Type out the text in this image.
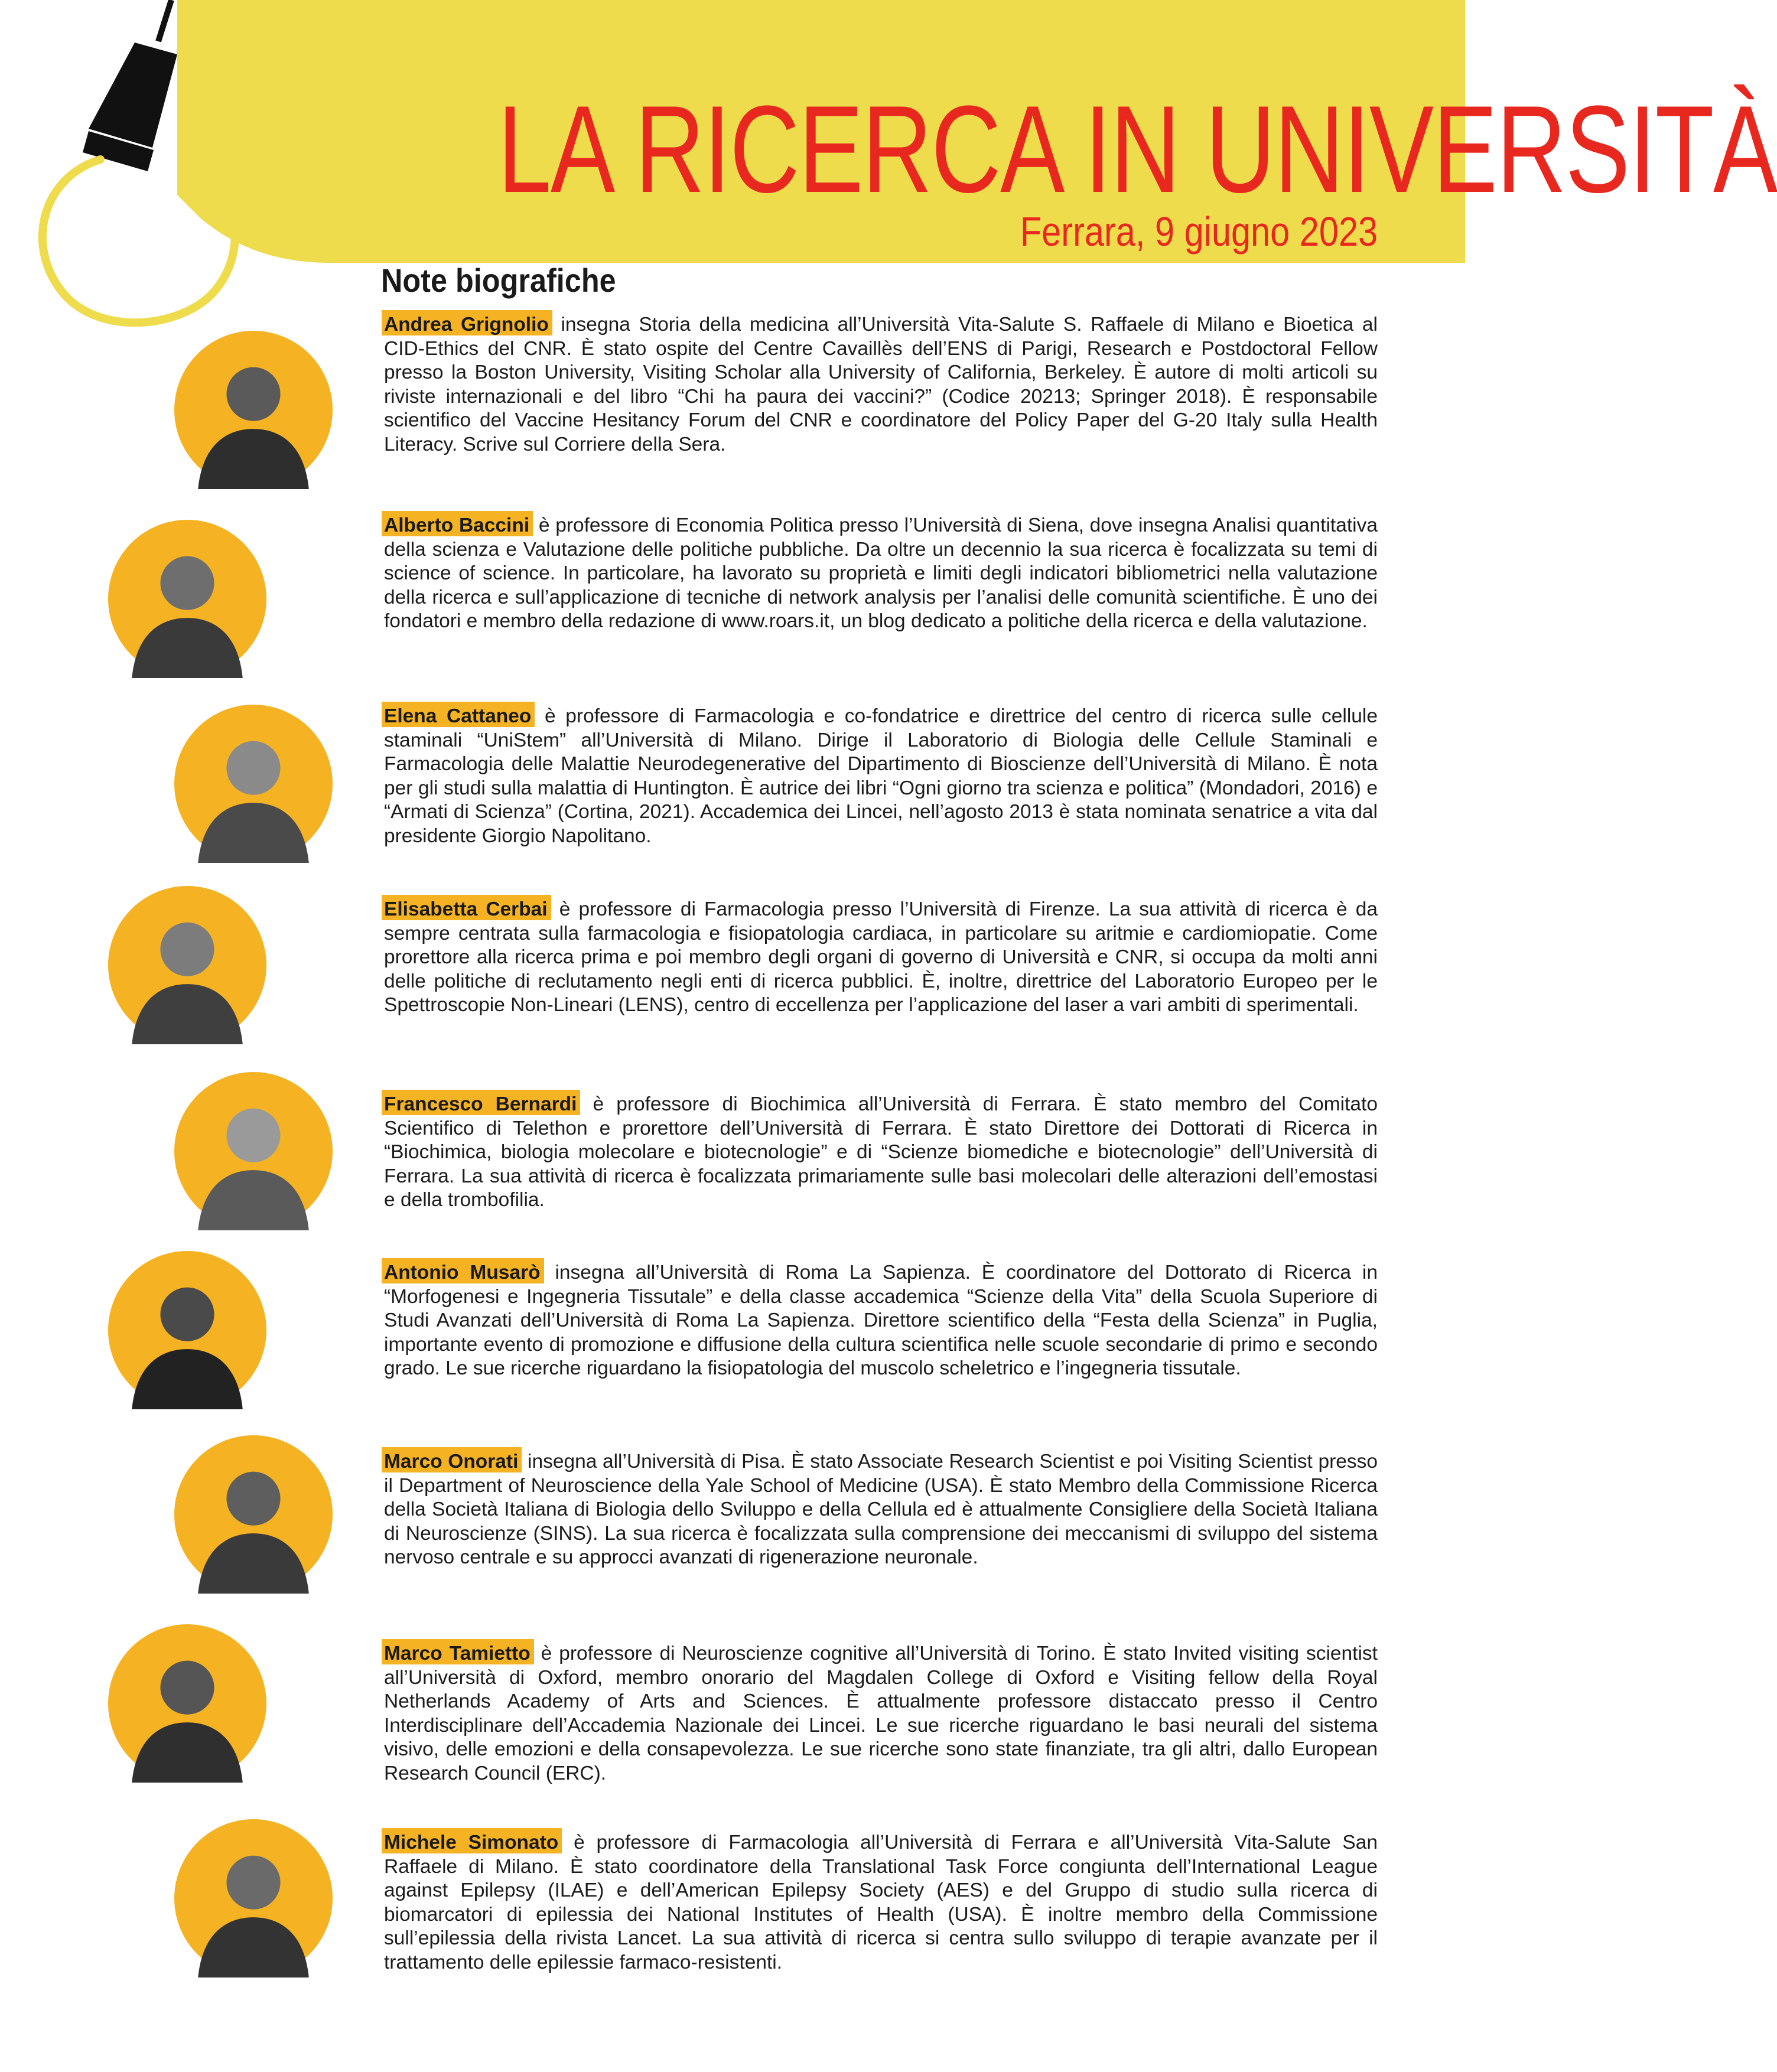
LA RICERCA IN UNIVERSITÀ
Ferrara, 9 giugno 2023
Note biografiche
Andrea Grignolio insegna Storia della medicina all’Università Vita-Salute S. Raffaele di Milano e Bioetica al CID-Ethics del CNR. È stato ospite del Centre Cavaillès dell’ENS di Parigi, Research e Postdoctoral Fellow presso la Boston University, Visiting Scholar alla University of California, Berkeley. È autore di molti articoli su riviste internazionali e del libro “Chi ha paura dei vaccini?” (Codice 20213; Springer 2018). È responsabile scientifico del Vaccine Hesitancy Forum del CNR e coordinatore del Policy Paper del G-20 Italy sulla Health Literacy. Scrive sul Corriere della Sera.
Alberto Baccini è professore di Economia Politica presso l’Università di Siena, dove insegna Analisi quantitativa della scienza e Valutazione delle politiche pubbliche. Da oltre un decennio la sua ricerca è focalizzata su temi di science of science. In particolare, ha lavorato su proprietà e limiti degli indicatori bibliometrici nella valutazione della ricerca e sull’applicazione di tecniche di network analysis per l’analisi delle comunità scientifiche. È uno dei fondatori e membro della redazione di www.roars.it, un blog dedicato a politiche della ricerca e della valutazione.
Elena Cattaneo è professore di Farmacologia e co-fondatrice e direttrice del centro di ricerca sulle cellule staminali “UniStem” all’Università di Milano. Dirige il Laboratorio di Biologia delle Cellule Staminali e Farmacologia delle Malattie Neurodegenerative del Dipartimento di Bioscienze dell’Università di Milano. È nota per gli studi sulla malattia di Huntington. È autrice dei libri “Ogni giorno tra scienza e politica” (Mondadori, 2016) e “Armati di Scienza” (Cortina, 2021). Accademica dei Lincei, nell’agosto 2013 è stata nominata senatrice a vita dal presidente Giorgio Napolitano.
Elisabetta Cerbai è professore di Farmacologia presso l’Università di Firenze. La sua attività di ricerca è da sempre centrata sulla farmacologia e fisiopatologia cardiaca, in particolare su aritmie e cardiomiopatie. Come prorettore alla ricerca prima e poi membro degli organi di governo di Università e CNR, si occupa da molti anni delle politiche di reclutamento negli enti di ricerca pubblici. È, inoltre, direttrice del Laboratorio Europeo per le Spettroscopie Non-Lineari (LENS), centro di eccellenza per l’applicazione del laser a vari ambiti di sperimentali.
Francesco Bernardi è professore di Biochimica all’Università di Ferrara. È stato membro del Comitato Scientifico di Telethon e prorettore dell’Università di Ferrara. È stato Direttore dei Dottorati di Ricerca in “Biochimica, biologia molecolare e biotecnologie” e di “Scienze biomediche e biotecnologie” dell’Università di Ferrara. La sua attività di ricerca è focalizzata primariamente sulle basi molecolari delle alterazioni dell’emostasi e della trombofilia.
Antonio Musarò insegna all’Università di Roma La Sapienza. È coordinatore del Dottorato di Ricerca in “Morfogenesi e Ingegneria Tissutale” e della classe accademica “Scienze della Vita” della Scuola Superiore di Studi Avanzati dell’Università di Roma La Sapienza. Direttore scientifico della “Festa della Scienza” in Puglia, importante evento di promozione e diffusione della cultura scientifica nelle scuole secondarie di primo e secondo grado. Le sue ricerche riguardano la fisiopatologia del muscolo scheletrico e l’ingegneria tissutale.
Marco Onorati insegna all’Università di Pisa. È stato Associate Research Scientist e poi Visiting Scientist presso il Department of Neuroscience della Yale School of Medicine (USA). È stato Membro della Commissione Ricerca della Società Italiana di Biologia dello Sviluppo e della Cellula ed è attualmente Consigliere della Società Italiana di Neuroscienze (SINS). La sua ricerca è focalizzata sulla comprensione dei meccanismi di sviluppo del sistema nervoso centrale e su approcci avanzati di rigenerazione neuronale.
Marco Tamietto è professore di Neuroscienze cognitive all’Università di Torino. È stato Invited visiting scientist all’Università di Oxford, membro onorario del Magdalen College di Oxford e Visiting fellow della Royal Netherlands Academy of Arts and Sciences. È attualmente professore distaccato presso il Centro Interdisciplinare dell’Accademia Nazionale dei Lincei. Le sue ricerche riguardano le basi neurali del sistema visivo, delle emozioni e della consapevolezza. Le sue ricerche sono state finanziate, tra gli altri, dallo European Research Council (ERC).
Michele Simonato è professore di Farmacologia all’Università di Ferrara e all’Università Vita-Salute San Raffaele di Milano. È stato coordinatore della Translational Task Force congiunta dell’International League against Epilepsy (ILAE) e dell’American Epilepsy Society (AES) e del Gruppo di studio sulla ricerca di biomarcatori di epilessia dei National Institutes of Health (USA). È inoltre membro della Commissione sull’epilessia della rivista Lancet. La sua attività di ricerca si centra sullo sviluppo di terapie avanzate per il trattamento delle epilessie farmaco-resistenti.
